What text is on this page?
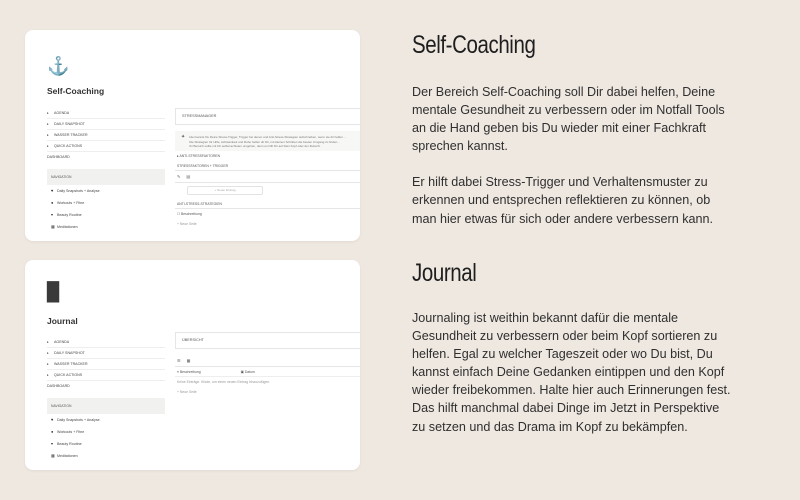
⚓
Self-Coaching
▸ AGENDA
▸ DAILY SNAPSHOT
▸ WASSER TRACKER
▸ QUICK ACTIONS
DASHBOARD
NAVIGATION
♥ Daily Snapshots + Analyse
● Workouts + Fitne
▾ Beauty Routine
▦ Meditationen
STRESSMANAGER
✦ Hier kannst Du Deine Stress-Trigger, Trigger bei denen und Anti-Stress-Strategien aufschreiben, wenn sie dir helfen…
Die Strategien für Hilfe, Achtsamkeit und Ruhe helfen dir Dir, mit kleinen Schritten die besten Umgang zu finden…
Ihr Bereich sollte mit Dir selbst achtsam umgehen, denn es hilft Dir auf Dein Kopf oder der Zukunft.
▸ ANTI-STRESSFAKTOREN
STRESSFAKTOREN + TRIGGER
✎ ▤
+ Neuer Eintrag
ANTI-STRESS-STRATEGIEN
☐ Beschreibung
+ Neue Seite
▉
Journal
▸ AGENDA
▸ DAILY SNAPSHOT
▸ WASSER TRACKER
▸ QUICK ACTIONS
DASHBOARD
NAVIGATION
♥ Daily Snapshots + Analyse
● Workouts + Fitne
▾ Beauty Routine
▦ Meditationen
ÜBERSICHT
☰ ▦
≡ Beschreibung	▣ Datum
Keine Einträge. Klicke, um einen neuen Eintrag hinzuzufügen.
+ Neue Seite
Self-Coaching

Der Bereich Self-Coaching soll Dir dabei helfen, Deine mentale Gesundheit zu verbessern oder im Notfall Tools an die Hand geben bis Du wieder mit einer Fachkraft sprechen kannst.

Er hilft dabei Stress-Trigger und Verhaltensmuster zu erkennen und entsprechen reflektieren zu können, ob man hier etwas für sich oder andere verbessern kann.

Journal

Journaling ist weithin bekannt dafür die mentale Gesundheit zu verbessern oder beim Kopf sortieren zu helfen. Egal zu welcher Tageszeit oder wo Du bist, Du kannst einfach Deine Gedanken eintippen und den Kopf wieder freibekommen. Halte hier auch Erinnerungen fest. Das hilft manchmal dabei Dinge im Jetzt in Perspektive zu setzen und das Drama im Kopf zu bekämpfen.
